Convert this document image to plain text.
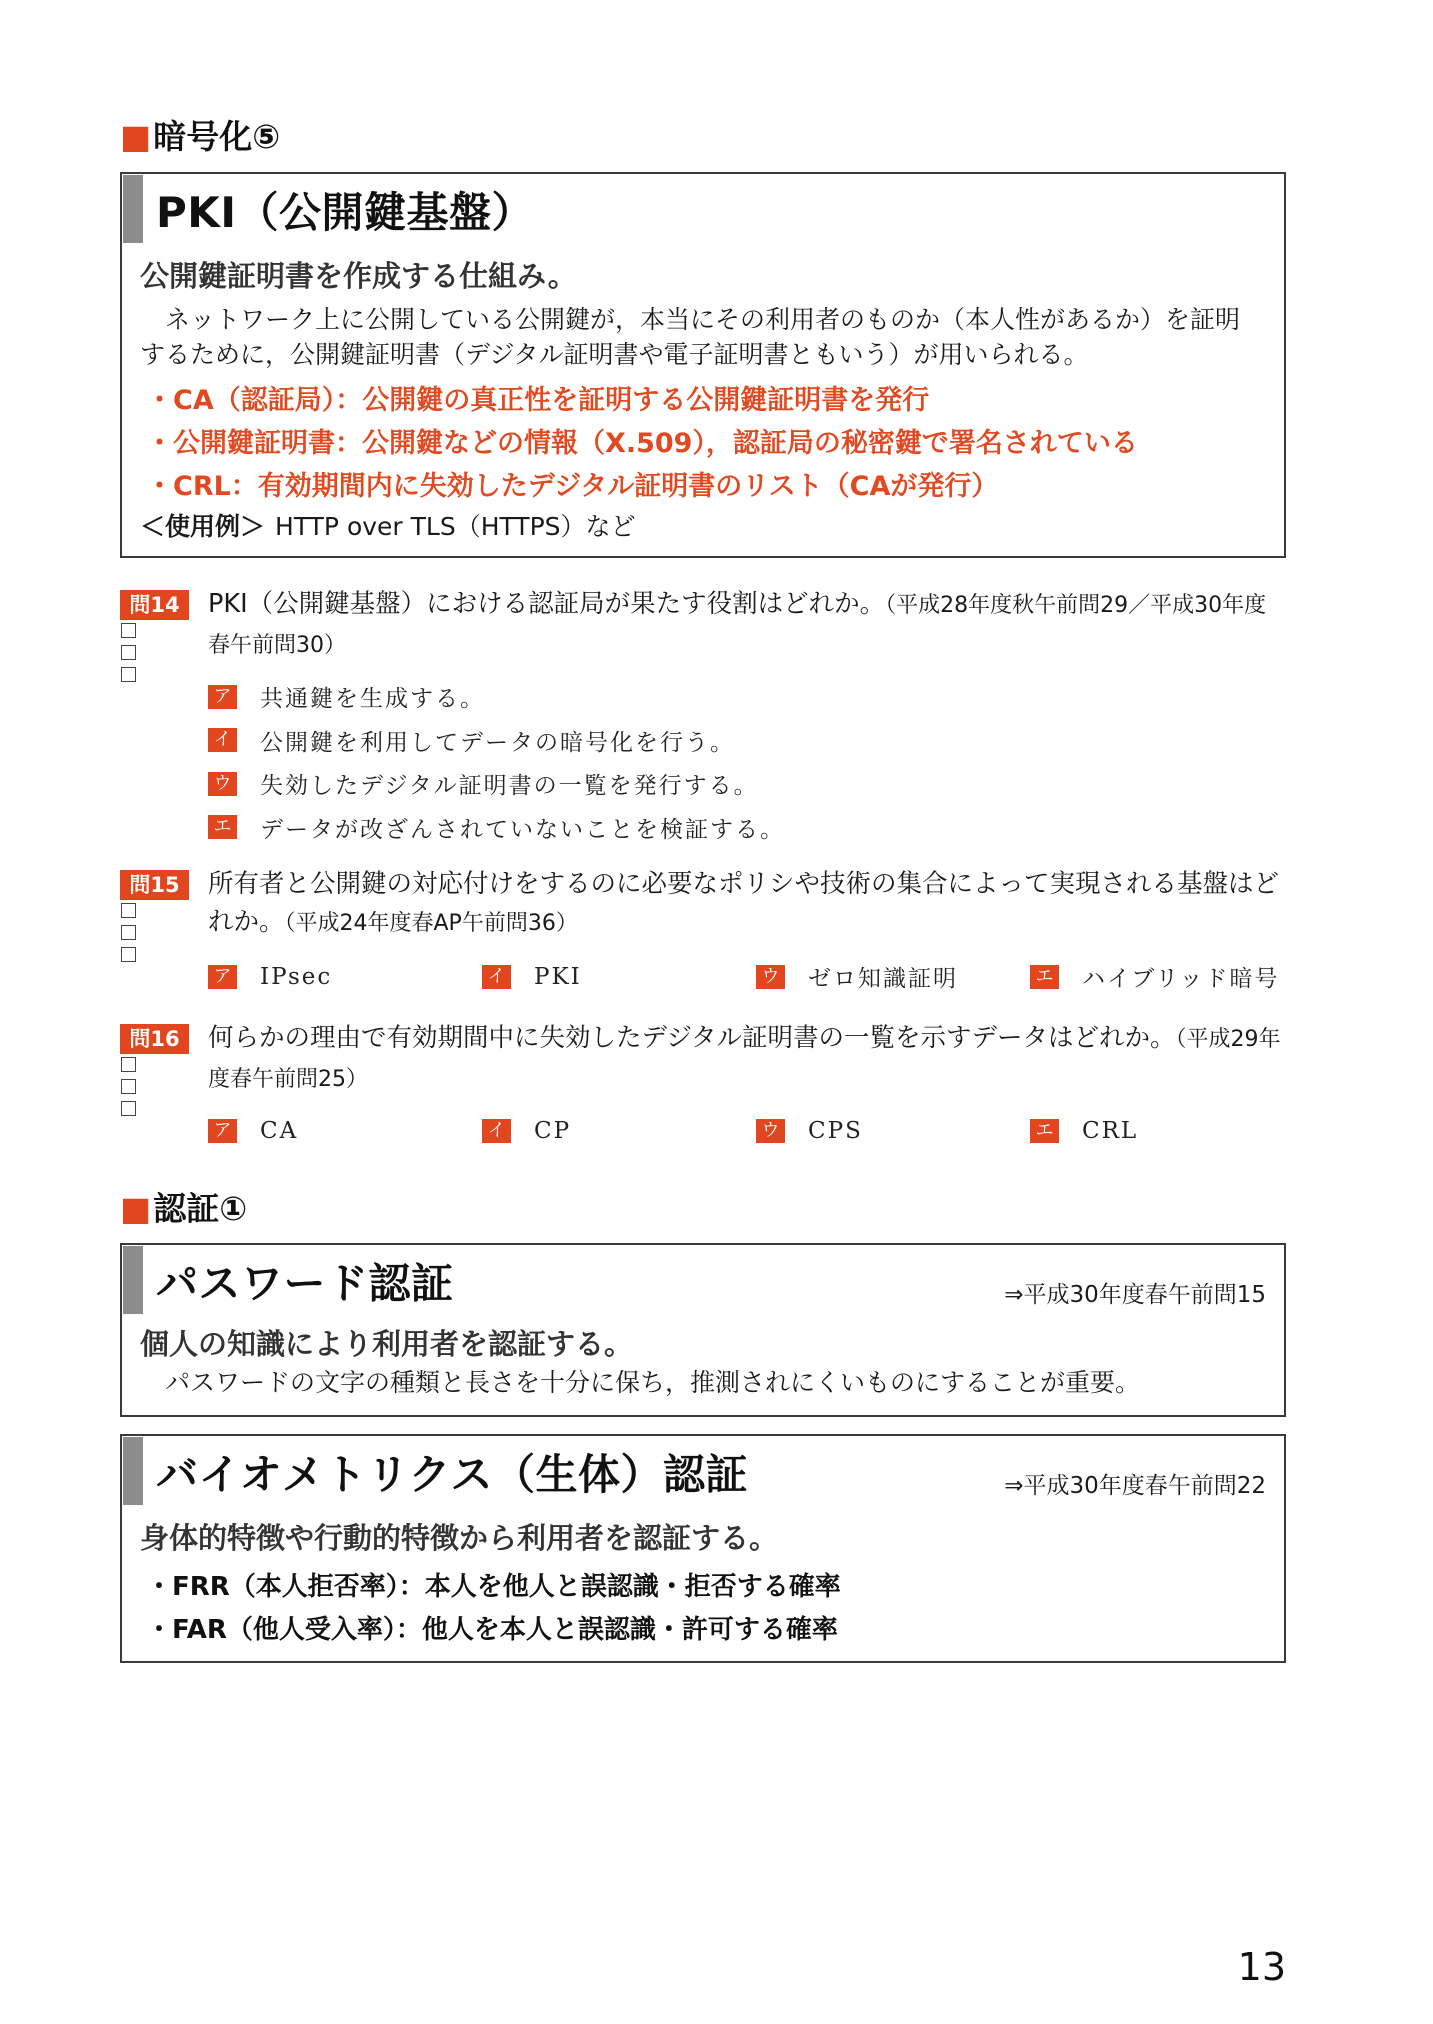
■暗号化⑤
PKI（公開鍵基盤）
公開鍵証明書を作成する仕組み。
ネットワーク上に公開している公開鍵が，本当にその利用者のものか（本人性があるか）を証明するために，公開鍵証明書（デジタル証明書や電子証明書ともいう）が用いられる。
・CA（認証局）：公開鍵の真正性を証明する公開鍵証明書を発行
・公開鍵証明書：公開鍵などの情報（X.509），認証局の秘密鍵で署名されている
・CRL：有効期間内に失効したデジタル証明書のリスト（CAが発行）
＜使用例＞ HTTP over TLS（HTTPS）など
問14	PKI（公開鍵基盤）における認証局が果たす役割はどれか。（平成28年度秋午前問29／平成30年度春午前問30）
ア 共通鍵を生成する。
イ 公開鍵を利用してデータの暗号化を行う。
ウ 失効したデジタル証明書の一覧を発行する。
エ データが改ざんされていないことを検証する。
問15	所有者と公開鍵の対応付けをするのに必要なポリシや技術の集合によって実現される基盤はどれか。（平成24年度春AP午前問36）
ア IPsec	イ PKI	ウ ゼロ知識証明	エ ハイブリッド暗号
問16	何らかの理由で有効期間中に失効したデジタル証明書の一覧を示すデータはどれか。（平成29年度春午前問25）
ア CA	イ CP	ウ CPS	エ CRL
■認証①
パスワード認証	⇒平成30年度春午前問15
個人の知識により利用者を認証する。
パスワードの文字の種類と長さを十分に保ち，推測されにくいものにすることが重要。
バイオメトリクス（生体）認証	⇒平成30年度春午前問22
身体的特徴や行動的特徴から利用者を認証する。
・FRR（本人拒否率）：本人を他人と誤認識・拒否する確率
・FAR（他人受入率）：他人を本人と誤認識・許可する確率
13
